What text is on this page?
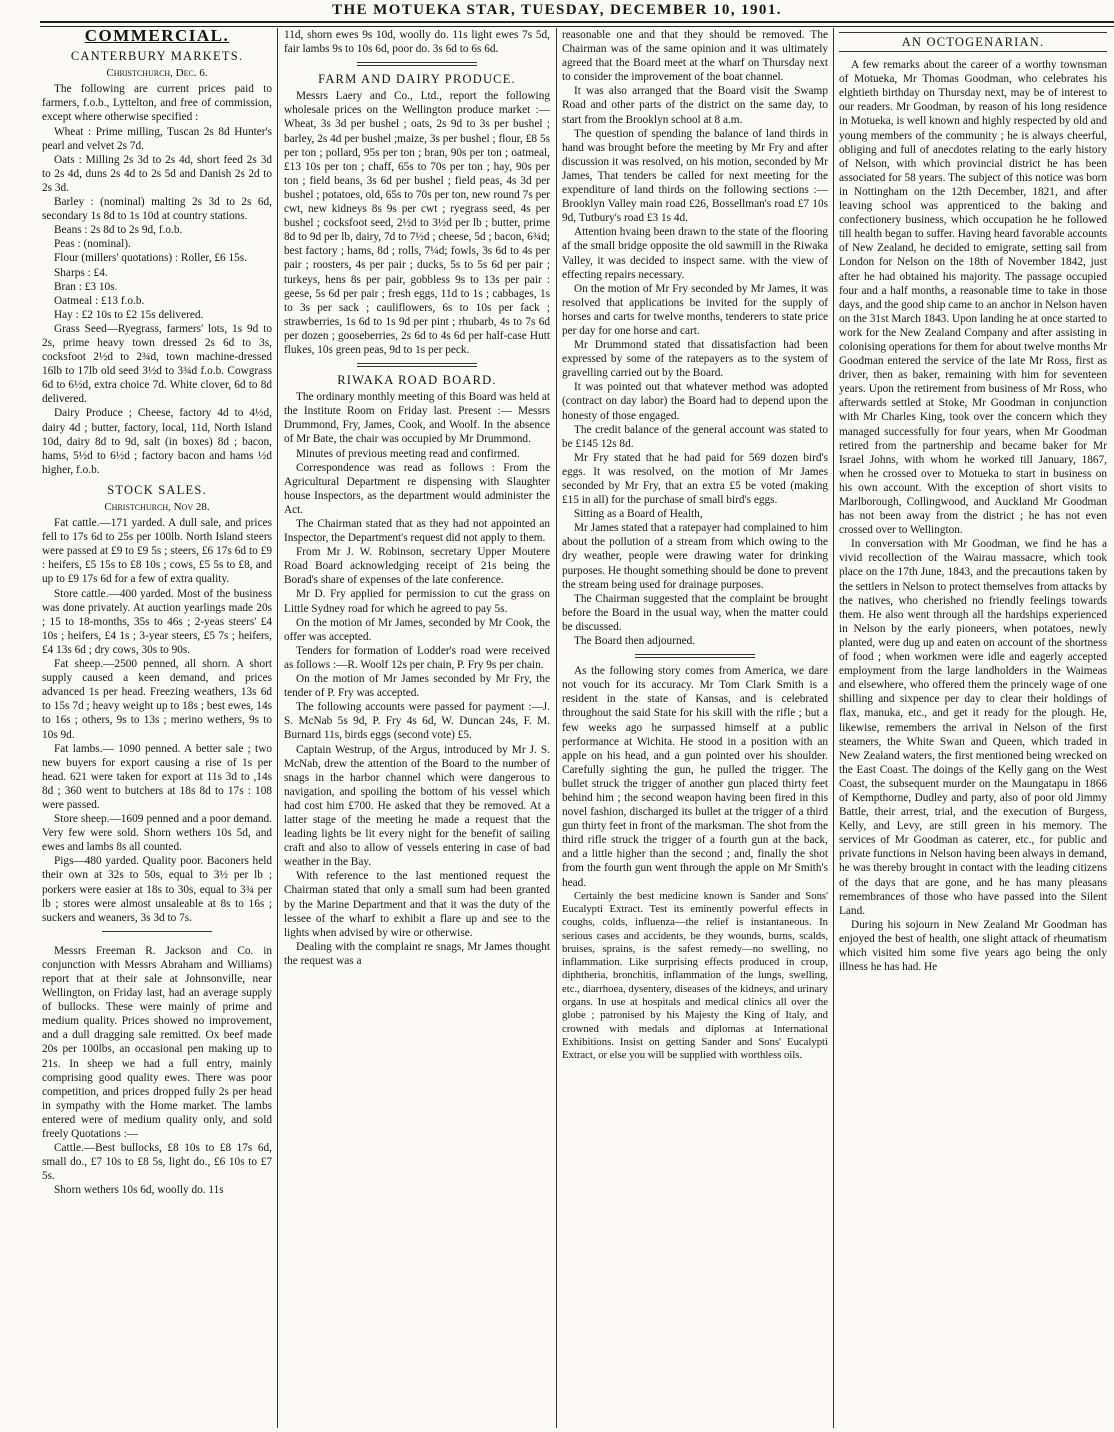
THE MOTUEKA STAR, TUESDAY, DECEMBER 10, 1901.
COMMERCIAL.
CANTERBURY MARKETS.
Christchurch, Dec. 6.

The following are current prices paid to farmers, f.o.b., Lyttelton, and free of commission, except where otherwise specified :

Wheat : Prime milling, Tuscan 2s 8d Hunter's pearl and velvet 2s 7d.

Oats : Milling 2s 3d to 2s 4d, short feed 2s 3d to 2s 4d, duns 2s 4d to 2s 5d and Danish 2s 2d to 2s 3d.

Barley : (nominal) malting 2s 3d to 2s 6d, secondary 1s 8d to 1s 10d at country stations.

Beans : 2s 8d to 2s 9d, f.o.b.

Peas : (nominal).

Flour (millers' quotations) : Roller, £6 15s.

Sharps : £4.

Bran : £3 10s.

Oatmeal : £13 f.o.b.

Hay : £2 10s to £2 15s delivered.

Grass Seed—Ryegrass, farmers' lots, 1s 9d to 2s, prime heavy town dressed 2s 6d to 3s, cocksfoot 2½d to 2¾d, town machine-dressed 16lb to 17lb old seed 3½d to 3¾d f.o.b. Cowgrass 6d to 6½d, extra choice 7d. White clover, 6d to 8d delivered.

Dairy Produce ; Cheese, factory 4d to 4½d, dairy 4d ; butter, factory, local, 11d, North Island 10d, dairy 8d to 9d, salt (in boxes) 8d ; bacon, hams, 5½d to 6½d ; factory bacon and hams ½d higher, f.o.b.

STOCK SALES.
Christchurch, Nov 28.

Fat cattle.—171 yarded. A dull sale, and prices fell to 17s 6d to 25s per 100lb. North Island steers were passed at £9 to £9 5s ; steers, £6 17s 6d to £9 : heifers, £5 15s to £8 10s ; cows, £5 5s to £8, and up to £9 17s 6d for a few of extra quality.

Store cattle.—400 yarded. Most of the business was done privately. At auction yearlings made 20s ; 15 to 18-months, 35s to 46s ; 2-yeas steers' £4 10s ; heifers, £4 1s ; 3-year steers, £5 7s ; heifers, £4 13s 6d ; dry cows, 30s to 90s.

Fat sheep.—2500 penned, all shorn. A short supply caused a keen demand, and prices advanced 1s per head. Freezing weathers, 13s 6d to 15s 7d ; heavy weight up to 18s ; best ewes, 14s to 16s ; others, 9s to 13s ; merino wethers, 9s to 10s 9d.

Fat lambs.— 1090 penned. A better sale ; two new buyers for export causing a rise of 1s per head. 621 were taken for export at 11s 3d to ,14s 8d ; 360 went to butchers at 18s 8d to 17s : 108 were passed.

Store sheep.—1609 penned and a poor demand. Very few were sold. Shorn wethers 10s 5d, and ewes and lambs 8s all counted.

Pigs—480 yarded. Quality poor. Baconers held their own at 32s to 50s, equal to 3½ per lb ; porkers were easier at 18s to 30s, equal to 3¾ per lb ; stores were almost unsaleable at 8s to 16s ; suckers and weaners, 3s 3d to 7s.

Messrs Freeman R. Jackson and Co. in conjunction with Messrs Abraham and Williams) report that at their sale at Johnsonville, near Wellington, on Friday last, had an average supply of bullocks. These were mainly of prime and medium quality. Prices showed no improvement, and a dull dragging sale remitted. Ox beef made 20s per 100lbs, an occasional pen making up to 21s. In sheep we had a full entry, mainly comprising good quality ewes. There was poor competition, and prices dropped fully 2s per head in sympathy with the Home market. The lambs entered were of medium quality only, and sold freely Quotations :—

Cattle.—Best bullocks, £8 10s to £8 17s 6d, small do., £7 10s to £8 5s, light do., £6 10s to £7 5s.

Shorn wethers 10s 6d, woolly do. 11s

11d, shorn ewes 9s 10d, woolly do. 11s light ewes 7s 5d, fair lambs 9s to 10s 6d, poor do. 3s 6d to 6s 6d.

FARM AND DAIRY PRODUCE.

Messrs Laery and Co., Ltd., report the following wholesale prices on the Wellington produce market :—Wheat, 3s 3d per bushel ; oats, 2s 9d to 3s per bushel ; barley, 2s 4d per bushel ;maize, 3s per bushel ; flour, £8 5s per ton ; pollard, 95s per ton ; bran, 90s per ton ; oatmeal, £13 10s per ton ; chaff, 65s to 70s per ton ; hay, 90s per ton ; field beans, 3s 6d per bushel ; field peas, 4s 3d per bushel ; potatoes, old, 65s to 70s per ton, new round 7s per cwt, new kidneys 8s 9s per cwt ; ryegrass seed, 4s per bushel ; cocksfoot seed, 2½d to 3½d per lb ; butter, prime 8d to 9d per lb, dairy, 7d to 7½d ; cheese, 5d ; bacon, 6¾d; best factory ; hams, 8d ; rolls, 7¼d; fowls, 3s 6d to 4s per pair ; roosters, 4s per pair ; ducks, 5s to 5s 6d per pair ; turkeys, hens 8s per pair, gobbless 9s to 13s per pair : geese, 5s 6d per pair ; fresh eggs, 11d to 1s ; cabbages, 1s to 3s per sack ; cauliflowers, 6s to 10s per fack ; strawberries, 1s 6d to 1s 9d per pint ; rhubarb, 4s to 7s 6d per dozen ; gooseberries, 2s 6d to 4s 6d per half-case Hutt flukes, 10s green peas, 9d to 1s per peck.

RIWAKA ROAD BOARD.

The ordinary monthly meeting of this Board was held at the Institute Room on Friday last. Present :— Messrs Drummond, Fry, James, Cook, and Woolf. In the absence of Mr Bate, the chair was occupied by Mr Drummond.

Minutes of previous meeting read and confirmed.

Correspondence was read as follows : From the Agricultural Department re dispensing with Slaughter house Inspectors, as the department would administer the Act.

The Chairman stated that as they had not appointed an Inspector, the Department's request did not apply to them.

From Mr J. W. Robinson, secretary Upper Moutere Road Board acknowledging receipt of 21s being the Borad's share of expenses of the late conference.

Mr D. Fry applied for permission to cut the grass on Little Sydney road for which he agreed to pay 5s.

On the motion of Mr James, seconded by Mr Cook, the offer was accepted.

Tenders for formation of Lodder's road were received as follows :—R. Woolf 12s per chain, P. Fry 9s per chain.

On the motion of Mr James seconded by Mr Fry, the tender of P. Fry was accepted.

The following accounts were passed for payment :—J. S. McNab 5s 9d, P. Fry 4s 6d, W. Duncan 24s, F. M. Burnard 11s, birds eggs (second vote) £5.

Captain Westrup, of the Argus, introduced by Mr J. S. McNab, drew the attention of the Board to the number of snags in the harbor channel which were dangerous to navigation, and spoiling the bottom of his vessel which had cost him £700. He asked that they be removed. At a latter stage of the meeting he made a request that the leading lights be lit every night for the benefit of sailing craft and also to allow of vessels entering in case of bad weather in the Bay.

With reference to the last mentioned request the Chairman stated that only a small sum had been granted by the Marine Department and that it was the duty of the lessee of the wharf to exhibit a flare up and see to the lights when advised by wire or otherwise.

Dealing with the complaint re snags, Mr James thought the request was a

reasonable one and that they should be removed. The Chairman was of the same opinion and it was ultimately agreed that the Board meet at the wharf on Thursday next to consider the improvement of the boat channel.

It was also arranged that the Board visit the Swamp Road and other parts of the district on the same day, to start from the Brooklyn school at 8 a.m.

The question of spending the balance of land thirds in hand was brought before the meeting by Mr Fry and after discussion it was resolved, on his motion, seconded by Mr James, That tenders be called for next meeting for the expenditure of land thirds on the following sections :—Brooklyn Valley main road £26, Bossellman's road £7 10s 9d, Tutbury's road £3 1s 4d.

Attention hvaing been drawn to the state of the flooring af the small bridge opposite the old sawmill in the Riwaka Valley, it was decided to inspect same. with the view of effecting repairs necessary.

On the motion of Mr Fry seconded by Mr James, it was resolved that applications be invited for the supply of horses and carts for twelve months, tenderers to state price per day for one horse and cart.

Mr Drummond stated that dissatisfaction had been expressed by some of the ratepayers as to the system of gravelling carried out by the Board.

It was pointed out that whatever method was adopted (contract on day labor) the Board had to depend upon the honesty of those engaged.

The credit balance of the general account was stated to be £145 12s 8d.

Mr Fry stated that he had paid for 569 dozen bird's eggs. It was resolved, on the motion of Mr James seconded by Mr Fry, that an extra £5 be voted (making £15 in all) for the purchase of small bird's eggs.

Sitting as a Board of Health,

Mr James stated that a ratepayer had complained to him about the pollution of a stream from which owing to the dry weather, people were drawing water for drinking purposes. He thought something should be done to prevent the stream being used for drainage purposes.

The Chairman suggested that the complaint be brought before the Board in the usual way, when the matter could be discussed.

The Board then adjourned.

As the following story comes from America, we dare not vouch for its accuracy. Mr Tom Clark Smith is a resident in the state of Kansas, and is celebrated throughout the said State for his skill with the rifle ; but a few weeks ago he surpassed himself at a public performance at Wichita. He stood in a position with an apple on his head, and a gun pointed over his shoulder. Carefully sighting the gun, he pulled the trigger. The bullet struck the trigger of another gun placed thirty feet behind him ; the second weapon having been fired in this novel fashion, discharged its bullet at the trigger of a third gun thirty feet in front of the marksman. The shot from the third rifle struck the trigger of a fourth gun at the back, and a little higher than the second ; and, finally the shot from the fourth gun went through the apple on Mr Smith's head.

Certainly the best medicine known is Sander and Sons' Eucalypti Extract. Test its eminently powerful effects in coughs, colds, influenza—the relief is instantaneous. In serious cases and accidents, be they wounds, burns, scalds, bruises, sprains, is the safest remedy—no swelling, no inflammation. Like surprising effects produced in croup, diphtheria, bronchitis, inflammation of the lungs, swelling, etc., diarrhoea, dysentery, diseases of the kidneys, and urinary organs. In use at hospitals and medical clinics all over the globe ; patronised by his Majesty the King of Italy, and crowned with medals and diplomas at International Exhibitions. Insist on getting Sander and Sons' Eucalypti Extract, or else you will be supplied with worthless oils.

AN OCTOGENARIAN.

A few remarks about the career of a worthy townsman of Motueka, Mr Thomas Goodman, who celebrates his elghtieth birthday on Thursday next, may be of interest to our readers. Mr Goodman, by reason of his long residence in Motueka, is well known and highly respected by old and young members of the community ; he is always cheerful, obliging and full of anecdotes relating to the early history of Nelson, with which provincial district he has been associated for 58 years. The subject of this notice was born in Nottingham on the 12th December, 1821, and after leaving school was apprenticed to the baking and confectionery business, which occupation he he followed till health began to suffer. Having heard favorable accounts of New Zealand, he decided to emigrate, setting sail from London for Nelson on the 18th of November 1842, just after he had obtained his majority. The passage occupied four and a half months, a reasonable time to take in those days, and the good ship came to an anchor in Nelson haven on the 31st March 1843. Upon landing he at once started to work for the New Zealand Company and after assisting in colonising operations for them for about twelve months Mr Goodman entered the service of the late Mr Ross, first as driver, then as baker, remaining with him for seventeen years. Upon the retirement from business of Mr Ross, who afterwards settled at Stoke, Mr Goodman in conjunction with Mr Charles King, took over the concern which they managed successfully for four years, when Mr Goodman retired from the partnership and became baker for Mr Israel Johns, with whom he worked till January, 1867, when he crossed over to Motueka to start in business on his own account. With the exception of short visits to Marlborough, Collingwood, and Auckland Mr Goodman has not been away from the district ; he has not even crossed over to Wellington.

In conversation with Mr Goodman, we find he has a vivid recollection of the Wairau massacre, which took place on the 17th June, 1843, and the precautions taken by the settlers in Nelson to protect themselves from attacks by the natives, who cherished no friendly feelings towards them. He also went through all the hardships experienced in Nelson by the early pioneers, when potatoes, newly planted, were dug up and eaten on account of the shortness of food ; when workmen were idle and eagerly accepted employment from the large landholders in the Waimeas and elsewhere, who offered them the princely wage of one shilling and sixpence per day to clear their holdings of flax, manuka, etc., and get it ready for the plough. He, likewise, remembers the arrival in Nelson of the first steamers, the White Swan and Queen, which traded in New Zealand waters, the first mentioned being wrecked on the East Coast. The doings of the Kelly gang on the West Coast, the subsequent murder on the Maungatapu in 1866 of Kempthorne, Dudley and party, also of poor old Jimmy Battle, their arrest, trial, and the execution of Burgess, Kelly, and Levy, are still green in his memory. The services of Mr Goodman as caterer, etc., for public and private functions in Nelson having been always in demand, he was thereby brought in contact with the leading citizens of the days that are gone, and he has many pleasans remembrances of those who have passed into the Silent Land.

During his sojourn in New Zealand Mr Goodman has enjoyed the best of health, one slight attack of rheumatism which visited him some five years ago being the only illness he has had. He
